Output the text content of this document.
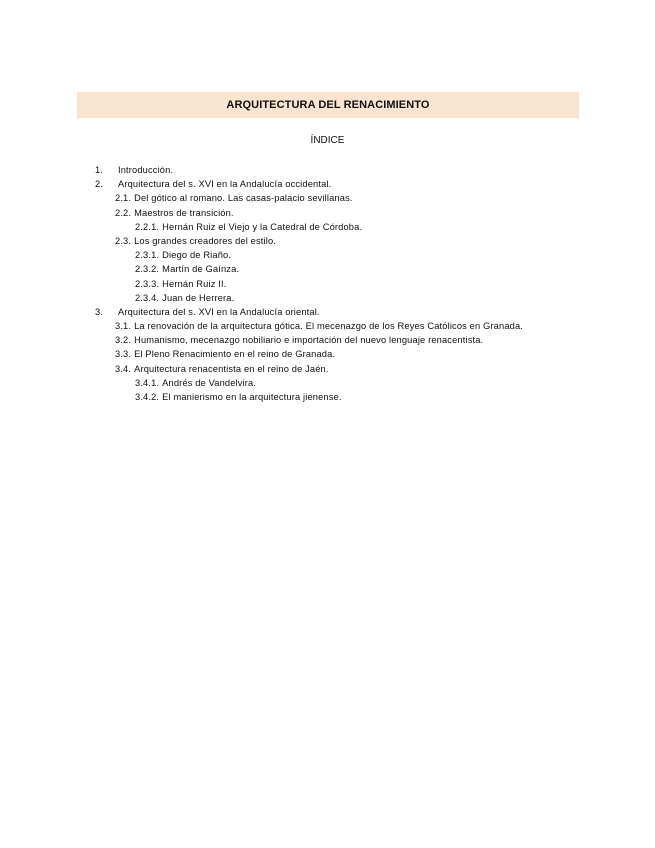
ARQUITECTURA DEL RENACIMIENTO
ÍNDICE
1. Introducción.
2. Arquitectura del s. XVI en la Andalucía occidental.
2.1. Del gótico al romano. Las casas-palacio sevillanas.
2.2. Maestros de transición.
2.2.1. Hernán Ruiz el Viejo y la Catedral de Córdoba.
2.3. Los grandes creadores del estilo.
2.3.1. Diego de Riaño.
2.3.2. Martín de Gaínza.
2.3.3. Hernán Ruiz II.
2.3.4. Juan de Herrera.
3. Arquitectura del s. XVI en la Andalucía oriental.
3.1. La renovación de la arquitectura gótica. El mecenazgo de los Reyes Católicos en Granada.
3.2. Humanismo, mecenazgo nobiliario e importación del nuevo lenguaje renacentista.
3.3. El Pleno Renacimiento en el reino de Granada.
3.4. Arquitectura renacentista en el reino de Jaén.
3.4.1. Andrés de Vandelvira.
3.4.2. El manierismo en la arquitectura jienense.
